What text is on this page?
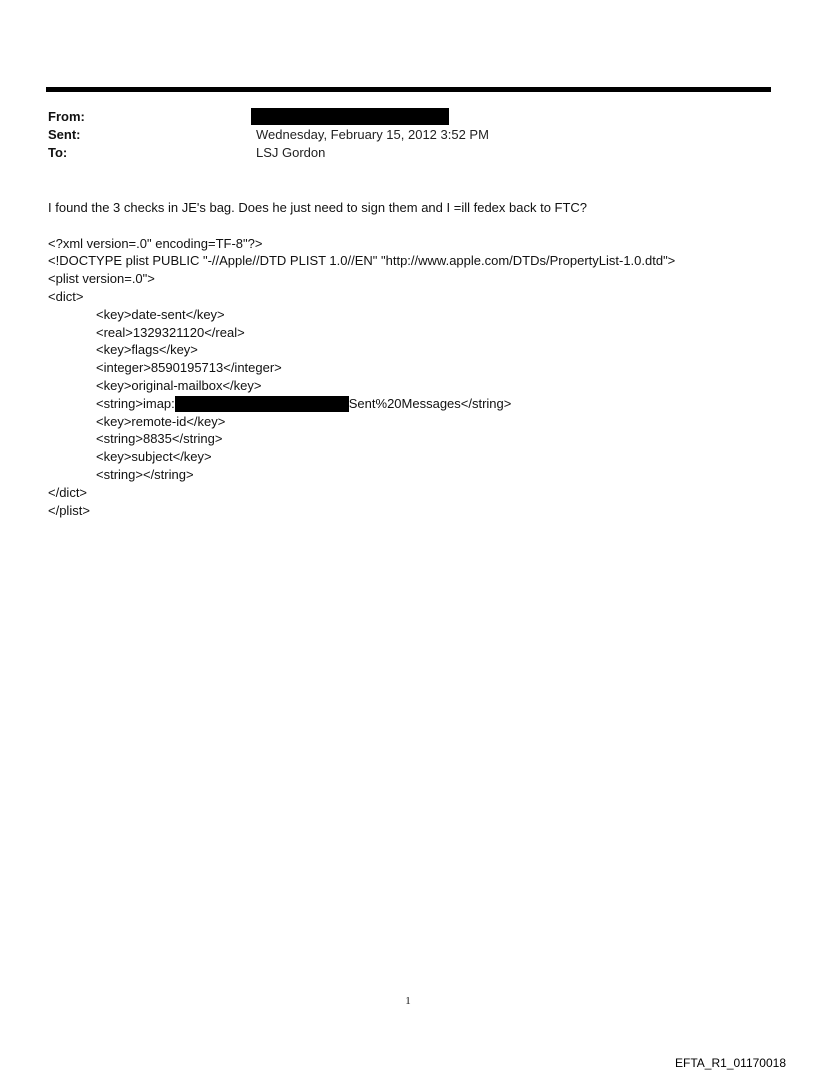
From:
Sent:	Wednesday, February 15, 2012 3:52 PM
To:	LSJ Gordon
I found the 3 checks in JE's bag. Does he just need to sign them and I =ill fedex back to FTC?
<?xml version=.0" encoding=TF-8"?>
<!DOCTYPE plist PUBLIC "-//Apple//DTD PLIST 1.0//EN" "http://www.apple.com/DTDs/PropertyList-1.0.dtd">
<plist version=.0">
<dict>
<key>date-sent</key>
<real>1329321120</real>
<key>flags</key>
<integer>8590195713</integer>
<key>original-mailbox</key>
<string>imap:	Sent%20Messages</string>
<key>remote-id</key>
<string>8835</string>
<key>subject</key>
<string></string>
</dict>
</plist>
1
EFTA_R1_01170018
